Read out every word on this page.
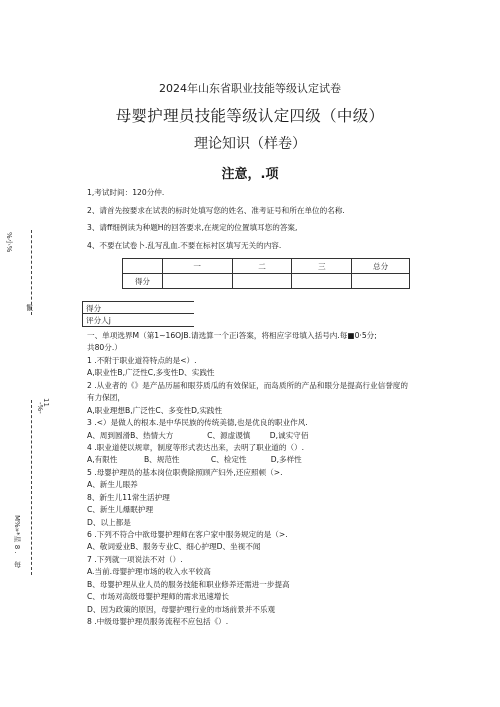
%小%
鬣
-%-
11
M%»*星 8 .
每
2024年山东省职业技能等级认定试卷
母婴护理员技能等级认定四级（中级）
理论知识（样卷）
注意，.项
1,考试时间：120分仲.
2、请首先按要求在试表的标时处填写您的姓名、准考证号和所在单位的名称.
3、请ff细例读为种题H的回答要求,在规定的位置填耳您的答案,
4、不要在试卷卜.乱写乱血.不要在标衬区填写无关的内容.
	一	二	三	总分
得分				
得分
评分人j
一、单项选界M（第1~16OJB.请选算一个正i答案，将相应字母填入括号内.每■0·5分;
共80分.）
1 .不附于职业道符特点的是<）.
A,职业性B,广泛性C,多变性D、实践性
2 .从业者的《》是产品历届和眼芬质瓜的有效保证，而岛质所的产品和眼分是提高行业信誉度的
有力保团，
A,职业理想B,广泛性C、多变性D,实践性
3 .<）是做人的根本.是中华民族的传统美德,也是优良的职业作风.
A、周到圆滑B、热情大方              C、源虚谡慎        D,诚实守佰
4 .职业道使以规章，制度等形式表达出来，去明了职业道的（）.
A,有限性           B、规范性             C、检定性          D,多样性
5 .母婴护理员的基本岗位职费除照顾产妇外,还应照顿（>.
A、新生儿眼养
8、新生儿11常生活护理
C、新生儿爆眠护理
D、以上都是
6 .下列不符合中欲母婴护理师在客户家中服务规定的是（>.
A、敬词爱业B、服务专业C、细心护理D、坐视不闻
7 .下列就一项说法不对（）.
A.当前.母婴护理市场的收入水平较高
B、母婴护理从业人员的服务技能和职业修养还需进一步提高
C、市场对高级母婴护理师的需求迅速增长
D、因为政策的原因，母婴护理行业的市场前景并不乐观
8 .中级母婴护理员服务流程不应包括《）.
